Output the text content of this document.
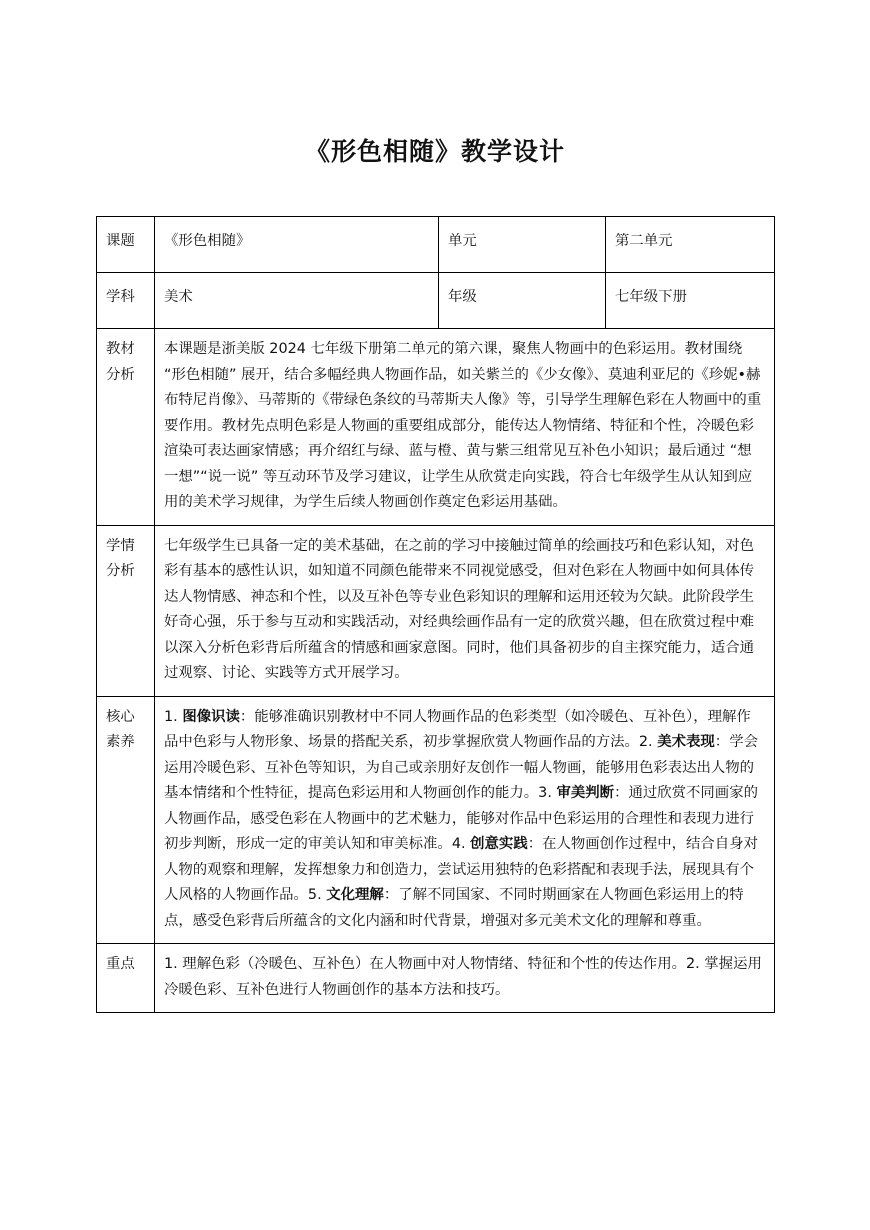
《形色相随》教学设计
课题	《形色相随》	单元	第二单元

学科	美术	年级	七年级下册

教材分析	本课题是浙美版 2024 七年级下册第二单元的第六课，聚焦人物画中的色彩运用。教材围绕 “形色相随” 展开，结合多幅经典人物画作品，如关紫兰的《少女像》、莫迪利亚尼的《珍妮•赫布特尼肖像》、马蒂斯的《带绿色条纹的马蒂斯夫人像》等，引导学生理解色彩在人物画中的重要作用。教材先点明色彩是人物画的重要组成部分，能传达人物情绪、特征和个性，冷暖色彩渲染可表达画家情感；再介绍红与绿、蓝与橙、黄与紫三组常见互补色小知识；最后通过 “想一想”“说一说” 等互动环节及学习建议，让学生从欣赏走向实践，符合七年级学生从认知到应用的美术学习规律，为学生后续人物画创作奠定色彩运用基础。		

学情分析	七年级学生已具备一定的美术基础，在之前的学习中接触过简单的绘画技巧和色彩认知，对色彩有基本的感性认识，如知道不同颜色能带来不同视觉感受，但对色彩在人物画中如何具体传达人物情感、神态和个性，以及互补色等专业色彩知识的理解和运用还较为欠缺。此阶段学生好奇心强，乐于参与互动和实践活动，对经典绘画作品有一定的欣赏兴趣，但在欣赏过程中难以深入分析色彩背后所蕴含的情感和画家意图。同时，他们具备初步的自主探究能力，适合通过观察、讨论、实践等方式开展学习。		

核心素养	1. 图像识读：能够准确识别教材中不同人物画作品的色彩类型（如冷暖色、互补色），理解作品中色彩与人物形象、场景的搭配关系，初步掌握欣赏人物画作品的方法。2. 美术表现：学会运用冷暖色彩、互补色等知识，为自己或亲朋好友创作一幅人物画，能够用色彩表达出人物的基本情绪和个性特征，提高色彩运用和人物画创作的能力。3. 审美判断：通过欣赏不同画家的人物画作品，感受色彩在人物画中的艺术魅力，能够对作品中色彩运用的合理性和表现力进行初步判断，形成一定的审美认知和审美标准。4. 创意实践：在人物画创作过程中，结合自身对人物的观察和理解，发挥想象力和创造力，尝试运用独特的色彩搭配和表现手法，展现具有个人风格的人物画作品。5. 文化理解：了解不同国家、不同时期画家在人物画色彩运用上的特点，感受色彩背后所蕴含的文化内涵和时代背景，增强对多元美术文化的理解和尊重。		

重点	1. 理解色彩（冷暖色、互补色）在人物画中对人物情绪、特征和个性的传达作用。2. 掌握运用冷暖色彩、互补色进行人物画创作的基本方法和技巧。		
